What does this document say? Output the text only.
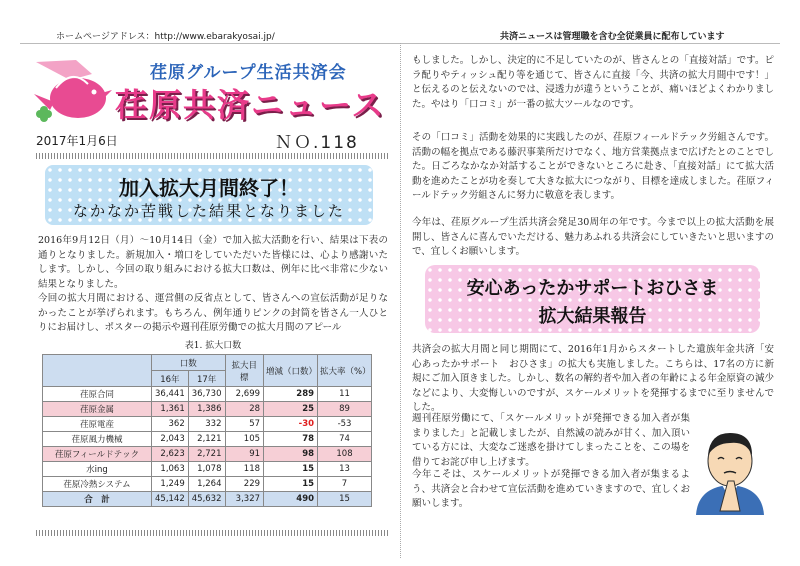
ホームページアドレス：http://www.ebarakyosai.jp/	共済ニュースは管理職を含む全従業員に配布しています
荏原グループ生活共済会
荏原共済ニュース
2017年1月6日	ＮＯ.118
加入拡大月間終了！
なかなか苦戦した結果となりました
2016年9月12日（月）～10月14日（金）で加入拡大活動を行い、結果は下表の通りとなりました。新規加入・増口をしていただいた皆様には、心より感謝いたします。しかし、今回の取り組みにおける拡大口数は、例年に比べ非常に少ない結果となりました。
今回の拡大月間における、運営側の反省点として、皆さんへの宣伝活動が足りなかったことが挙げられます。もちろん、例年通りピンクの封筒を皆さん一人ひとりにお届けし、ポスターの掲示や週刊荏原労働での拡大月間のアピール
表1. 拡大口数
	口数		拡大目標	増減（口数）	拡大率（%）
	16年	17年			
荏原合同	36,441	36,730	2,699	289	11
荏原金属	1,361	1,386	28	25	89
荏原電産	362	332	57	-30	-53
荏原風力機械	2,043	2,121	105	78	74
荏原フィールドテック	2,623	2,721	91	98	108
水ing	1,063	1,078	118	15	13
荏原冷熱システム	1,249	1,264	229	15	7
合　計	45,142	45,632	3,327	490	15
もしました。しかし、決定的に不足していたのが、皆さんとの「直接対話」です。ピラ配りやティッシュ配り等を通じて、皆さんに直接「今、共済の拡大月間中です！」と伝えるのと伝えないのでは、浸透力が違うということが、痛いほどよくわかりました。やはり「口コミ」が一番の拡大ツールなのです。
その「口コミ」活動を効果的に実践したのが、荏原フィールドテック労組さんです。活動の幅を拠点である藤沢事業所だけでなく、地方営業拠点まで広げたとのことでした。日ごろなかなか対話することができないところに赴き、「直接対話」にて拡大活動を進めたことが功を奏して大きな拡大につながり、目標を達成しました。荏原フィールドテック労組さんに努力に敬意を表します。
今年は、荏原グループ生活共済会発足30周年の年です。今まで以上の拡大活動を展開し、皆さんに喜んでいただける、魅力あふれる共済会にしていきたいと思いますので、宜しくお願いします。
安心あったかサポートおひさま
拡大結果報告
共済会の拡大月間と同じ期間にて、2016年1月からスタートした遺族年金共済「安心あったかサポート　おひさま」の拡大も実施しました。こちらは、17名の方に新規にご加入頂きました。しかし、数名の解約者や加入者の年齢による年金原資の減少などにより、大変悔しいのですが、スケールメリットを発揮するまでに至りませんでした。
週刊荏原労働にて、「スケールメリットが発揮できる加入者が集まりました」と記載しましたが、自然減の読みが甘く、加入頂いている方には、大変なご迷惑を掛けてしまったことを、この場を借りてお詫び申し上げます。
今年こそは、スケールメリットが発揮できる加入者が集まるよう、共済会と合わせて宣伝活動を進めていきますので、宜しくお願いします。
